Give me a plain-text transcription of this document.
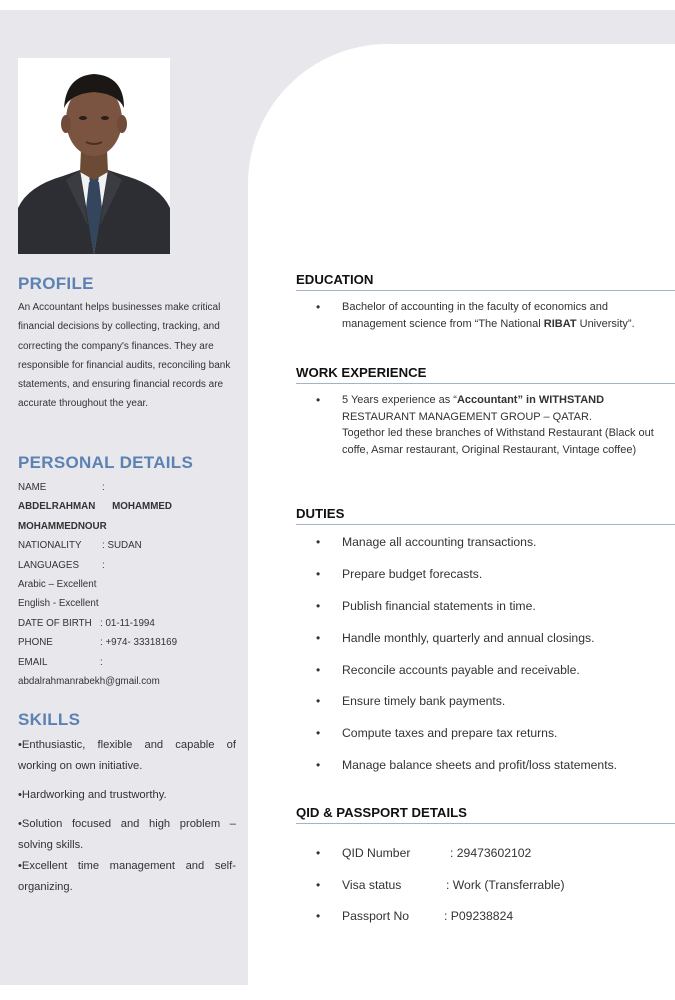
PROFILE
An Accountant helps businesses make critical financial decisions by collecting, tracking, and correcting the company's finances. They are responsible for financial audits, reconciling bank statements, and ensuring financial records are accurate throughout the year.
PERSONAL DETAILS
NAME	:
ABDELRAHMAN MOHAMMED
MOHAMMEDNOUR
NATIONALITY	: SUDAN
LANGUAGES	:
Arabic – Excellent
English - Excellent
DATE OF BIRTH : 01-11-1994
PHONE	: +974- 33318169
EMAIL	:
abdalrahmanrabekh@gmail.com
SKILLS
•Enthusiastic, flexible and capable of working on own initiative.
•Hardworking and trustworthy.
•Solution focused and high problem – solving skills.
•Excellent time management and self-organizing.
EDUCATION
• Bachelor of accounting in the faculty of economics and management science from “The National RIBAT University”.
WORK EXPERIENCE
• 5 Years experience as “Accountant” in WITHSTAND
RESTAURANT MANAGEMENT GROUP – QATAR.
Togethor led these branches of Withstand Restaurant (Black out coffe, Asmar restaurant, Original Restaurant, Vintage coffee)
DUTIES
• Manage all accounting transactions.
• Prepare budget forecasts.
• Publish financial statements in time.
• Handle monthly, quarterly and annual closings.
• Reconcile accounts payable and receivable.
• Ensure timely bank payments.
• Compute taxes and prepare tax returns.
• Manage balance sheets and profit/loss statements.
QID & PASSPORT DETAILS
• QID Number	: 29473602102
• Visa status	: Work (Transferrable)
• Passport No	: P09238824
